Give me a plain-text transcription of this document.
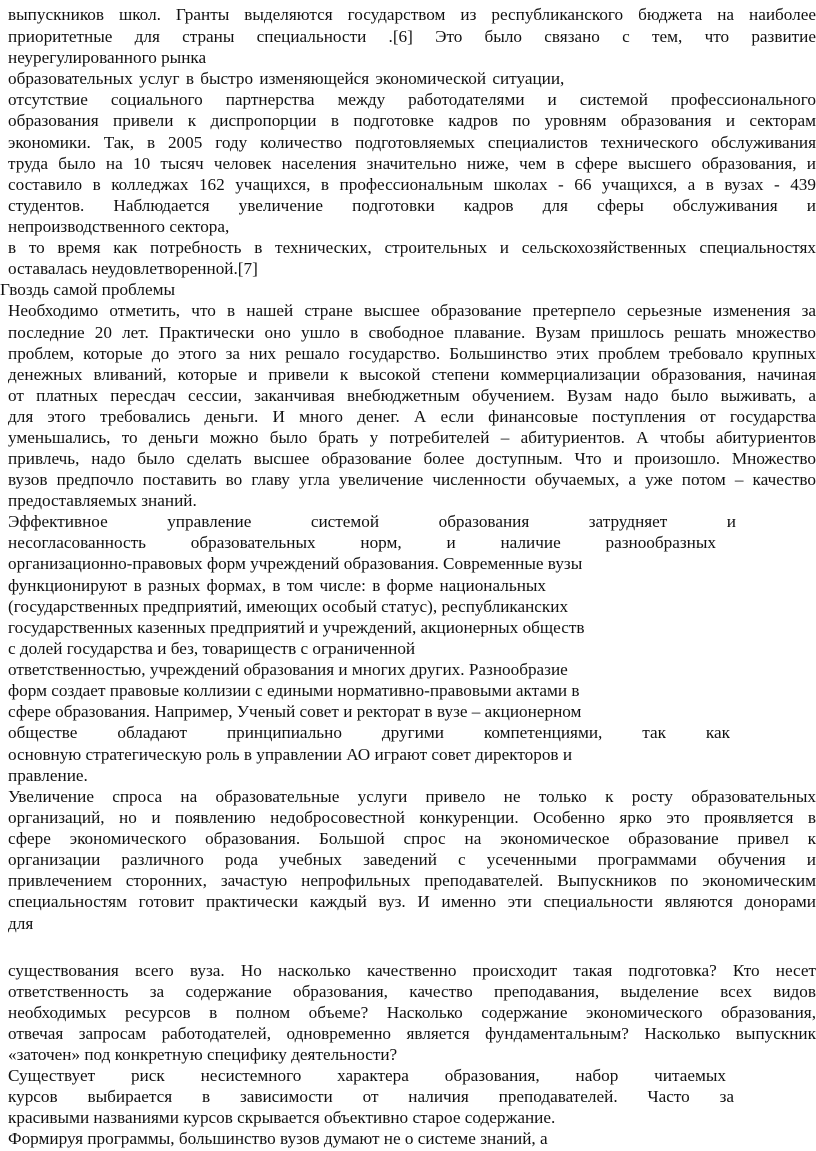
выпускников школ. Гранты выделяются государством из республиканского бюджета на наиболее
приоритетные для страны специальности .[6] Это было связано с тем, что развитие
неурегулированного рынка
образовательных услуг в быстро изменяющейся экономической ситуации,
отсутствие социального партнерства между работодателями и системой профессионального
образования привели к диспропорции в подготовке кадров по уровням образования и секторам
экономики. Так, в 2005 году количество подготовляемых специалистов технического обслуживания
труда было на 10 тысяч человек населения значительно ниже, чем в сфере высшего образования, и
составило в колледжах 162 учащихся, в профессиональным школах - 66 учащихся, а в вузах - 439
студентов. Наблюдается увеличение подготовки кадров для сферы обслуживания и
непроизводственного сектора,
в то время как потребность в технических, строительных и сельскохозяйственных специальностях
оставалась неудовлетворенной.[7]
Гвоздь самой проблемы
Необходимо отметить, что в нашей стране высшее образование претерпело серьезные изменения за
последние 20 лет. Практически оно ушло в свободное плавание. Вузам пришлось решать множество
проблем, которые до этого за них решало государство. Большинство этих проблем требовало крупных
денежных вливаний, которые и привели к высокой степени коммерциализации образования, начиная
от платных пересдач сессии, заканчивая внебюджетным обучением. Вузам надо было выживать, а
для этого требовались деньги. И много денег. А если финансовые поступления от государства
уменьшались, то деньги можно было брать у потребителей – абитуриентов. А чтобы абитуриентов
привлечь, надо было сделать высшее образование более доступным. Что и произошло. Множество
вузов предпочло поставить во главу угла увеличение численности обучаемых, а уже потом – качество
предоставляемых знаний.
Эффективное управление системой образования затрудняет и
несогласованность образовательных норм, и наличие разнообразных
организационно-правовых форм учреждений образования. Современные вузы
функционируют в разных формах, в том числе: в форме национальных
(государственных предприятий, имеющих особый статус), республиканских
государственных казенных предприятий и учреждений, акционерных обществ
с долей государства и без, товариществ с ограниченной
ответственностью, учреждений образования и многих других. Разнообразие
форм создает правовые коллизии с едиными нормативно-правовыми актами в
сфере образования. Например, Ученый совет и ректорат в вузе – акционерном
обществе обладают принципиально другими компетенциями, так как
основную стратегическую роль в управлении АО играют совет директоров и
правление.
Увеличение спроса на образовательные услуги привело не только к росту образовательных
организаций, но и появлению недобросовестной конкуренции. Особенно ярко это проявляется в
сфере экономического образования. Большой спрос на экономическое образование привел к
организации различного рода учебных заведений с усеченными программами обучения и
привлечением сторонних, зачастую непрофильных преподавателей. Выпускников по экономическим
специальностям готовит практически каждый вуз. И именно эти специальности являются донорами
для
существования всего вуза. Но насколько качественно происходит такая подготовка? Кто несет
ответственность за содержание образования, качество преподавания, выделение всех видов
необходимых ресурсов в полном объеме? Насколько содержание экономического образования,
отвечая запросам работодателей, одновременно является фундаментальным? Насколько выпускник
«заточен» под конкретную специфику деятельности?
Существует риск несистемного характера образования, набор читаемых
курсов выбирается в зависимости от наличия преподавателей. Часто за
красивыми названиями курсов скрывается объективно старое содержание.
Формируя программы, большинство вузов думают не о системе знаний, а
